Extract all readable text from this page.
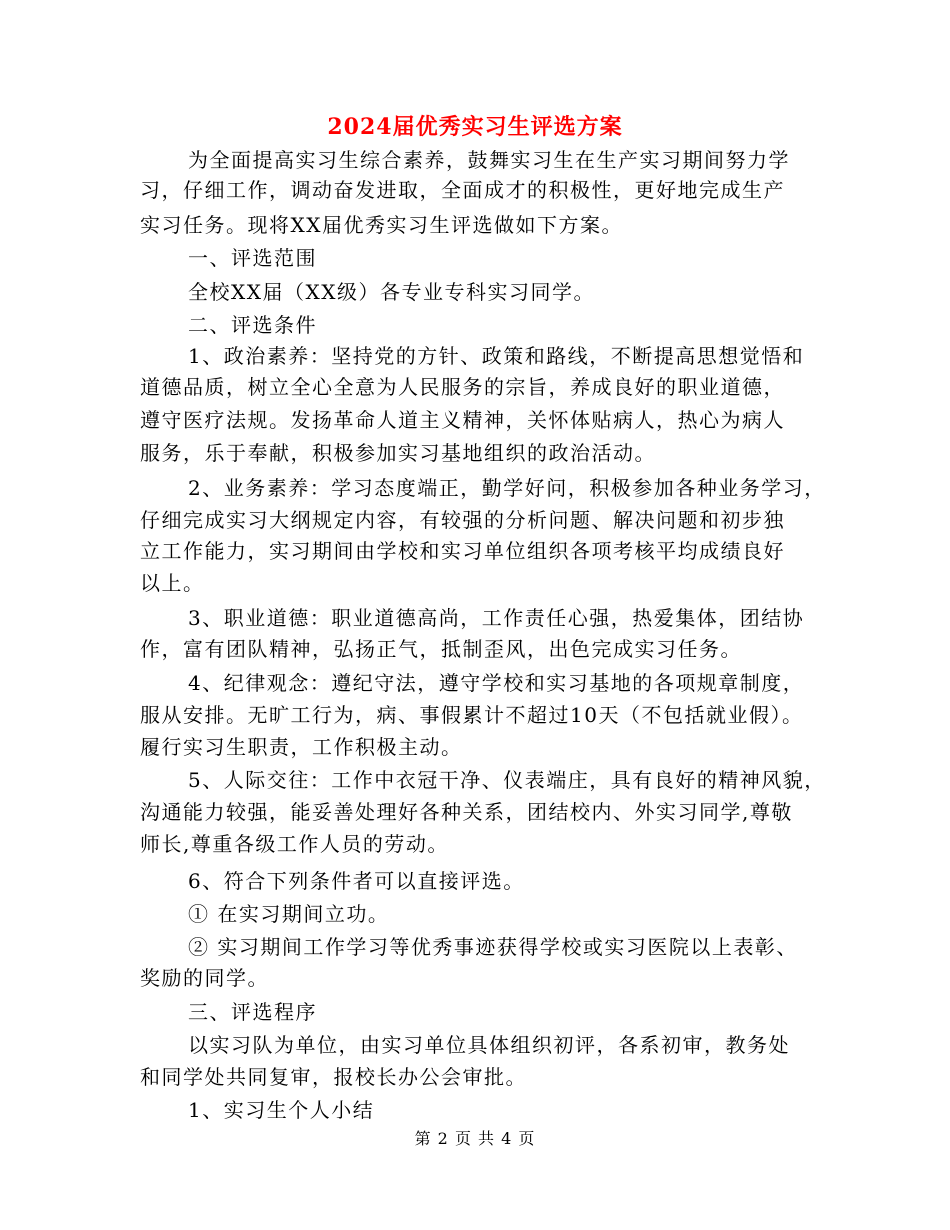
2024届优秀实习生评选方案
为全面提高实习生综合素养，鼓舞实习生在生产实习期间努力学
习，仔细工作，调动奋发进取，全面成才的积极性，更好地完成生产
实习任务。现将XX届优秀实习生评选做如下方案。
一、评选范围
全校XX届（XX级）各专业专科实习同学。
二、评选条件
1、政治素养：坚持党的方针、政策和路线，不断提高思想觉悟和
道德品质，树立全心全意为人民服务的宗旨，养成良好的职业道德，
遵守医疗法规。发扬革命人道主义精神，关怀体贴病人，热心为病人
服务，乐于奉献，积极参加实习基地组织的政治活动。
2、业务素养：学习态度端正，勤学好问，积极参加各种业务学习，
仔细完成实习大纲规定内容，有较强的分析问题、解决问题和初步独
立工作能力，实习期间由学校和实习单位组织各项考核平均成绩良好
以上。
3、职业道德：职业道德高尚，工作责任心强，热爱集体，团结协
作，富有团队精神，弘扬正气，抵制歪风，出色完成实习任务。
4、纪律观念：遵纪守法，遵守学校和实习基地的各项规章制度，
服从安排。无旷工行为，病、事假累计不超过10天（不包括就业假）。
履行实习生职责，工作积极主动。
5、人际交往：工作中衣冠干净、仪表端庄，具有良好的精神风貌，
沟通能力较强，能妥善处理好各种关系，团结校内、外实习同学,尊敬
师长,尊重各级工作人员的劳动。
6、符合下列条件者可以直接评选。
① 在实习期间立功。
② 实习期间工作学习等优秀事迹获得学校或实习医院以上表彰、
奖励的同学。
三、评选程序
以实习队为单位，由实习单位具体组织初评，各系初审，教务处
和同学处共同复审，报校长办公会审批。
1、实习生个人小结
第 2 页 共 4 页
